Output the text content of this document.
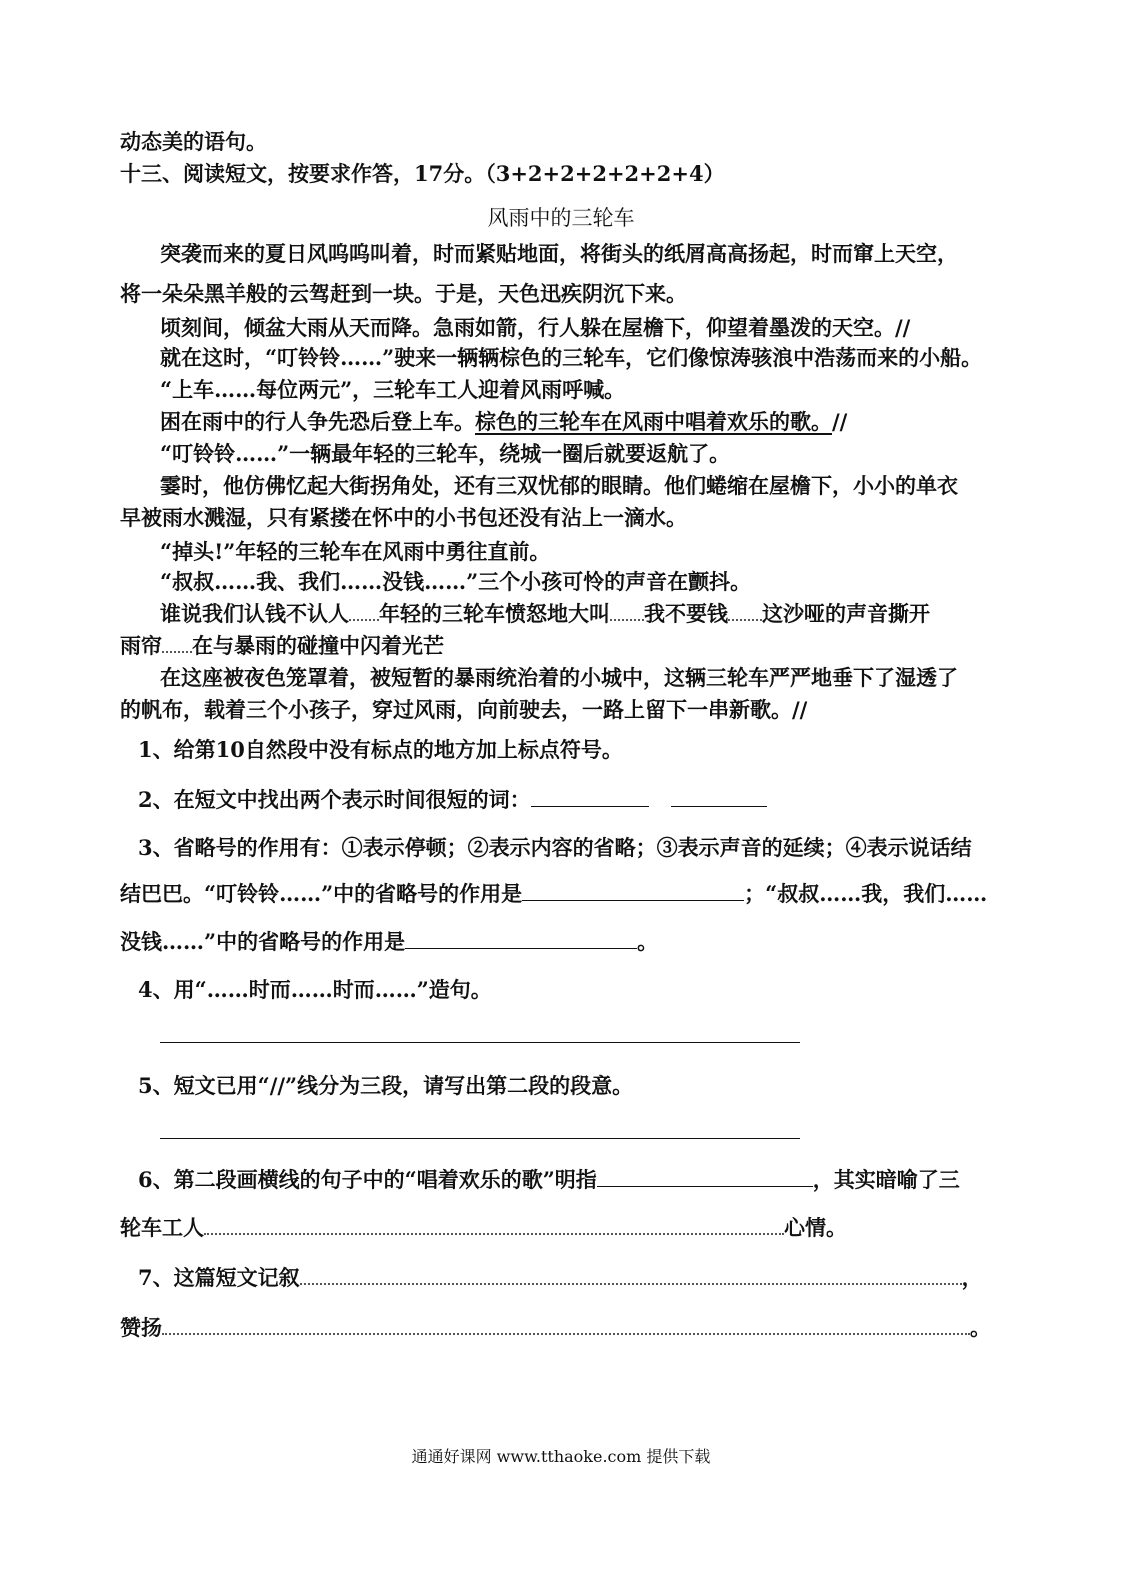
动态美的语句。
十三、阅读短文，按要求作答，17分。（3+2+2+2+2+2+4）
风雨中的三轮车
突袭而来的夏日风呜呜叫着，时而紧贴地面，将街头的纸屑高高扬起，时而窜上天空，
将一朵朵黑羊般的云驾赶到一块。于是，天色迅疾阴沉下来。
顷刻间，倾盆大雨从天而降。急雨如箭，行人躲在屋檐下，仰望着墨泼的天空。//
就在这时，“叮铃铃……”驶来一辆辆棕色的三轮车，它们像惊涛骇浪中浩荡而来的小船。
“上车……每位两元”，三轮车工人迎着风雨呼喊。
困在雨中的行人争先恐后登上车。棕色的三轮车在风雨中唱着欢乐的歌。//
“叮铃铃……”一辆最年轻的三轮车，绕城一圈后就要返航了。
霎时，他仿佛忆起大街拐角处，还有三双忧郁的眼睛。他们蜷缩在屋檐下，小小的单衣
早被雨水溅湿，只有紧搂在怀中的小书包还没有沾上一滴水。
“掉头!”年轻的三轮车在风雨中勇往直前。
“叔叔……我、我们……没钱……”三个小孩可怜的声音在颤抖。
谁说我们认钱不认人 年轻的三轮车愤怒地大叫 我不要钱 这沙哑的声音撕开
雨帘 在与暴雨的碰撞中闪着光芒
在这座被夜色笼罩着，被短暂的暴雨统治着的小城中，这辆三轮车严严地垂下了湿透了
的帆布，载着三个小孩子，穿过风雨，向前驶去，一路上留下一串新歌。//
1、给第10自然段中没有标点的地方加上标点符号。
2、在短文中找出两个表示时间很短的词：
3、省略号的作用有：①表示停顿；②表示内容的省略；③表示声音的延续；④表示说话结
结巴巴。“叮铃铃……”中的省略号的作用是	；“叔叔……我，我们……
没钱……”中的省略号的作用是	。
4、用“……时而……时而……”造句。
5、短文已用“//”线分为三段，请写出第二段的段意。
6、第二段画横线的句子中的“唱着欢乐的歌”明指	，其实暗喻了三
轮车工人	心情。
7、这篇短文记叙	，
赞扬	。
通通好课网 www.tthaoke.com 提供下载
